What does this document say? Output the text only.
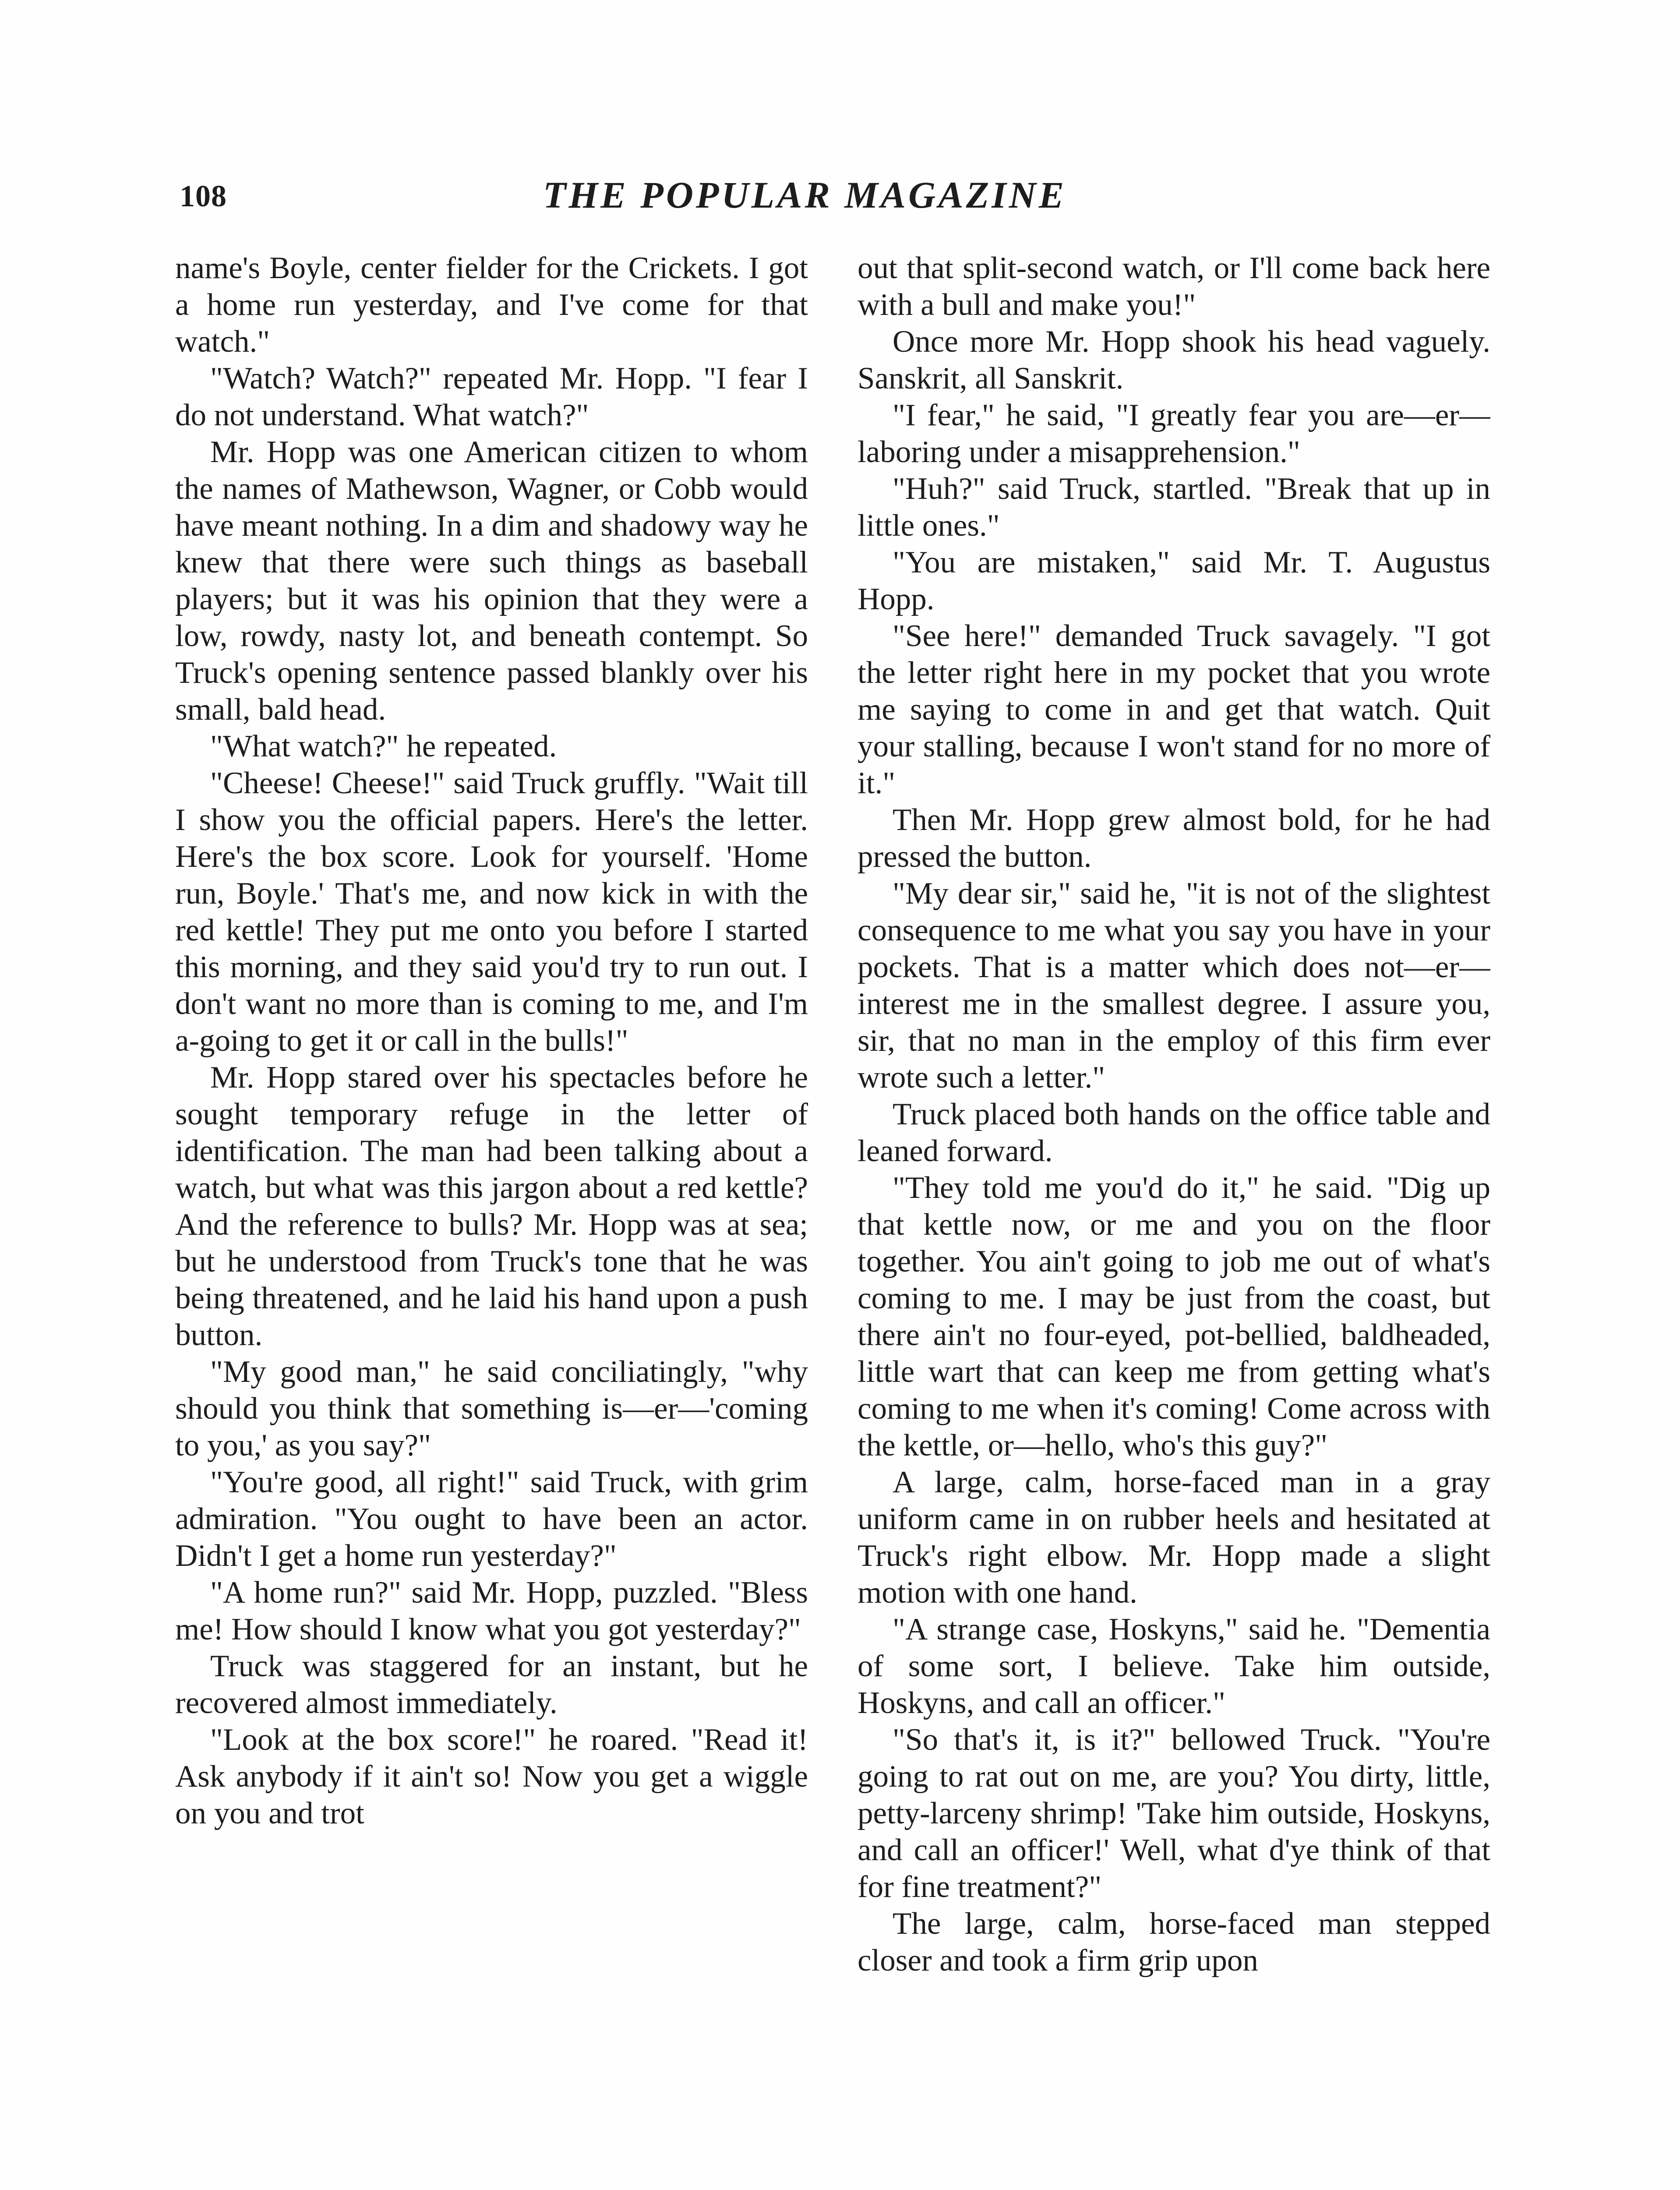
108	THE POPULAR MAGAZINE

name's Boyle, center fielder for the Crickets. I got a home run yesterday, and I've come for that watch."

"Watch? Watch?" repeated Mr. Hopp. "I fear I do not understand. What watch?"

Mr. Hopp was one American citizen to whom the names of Mathewson, Wagner, or Cobb would have meant nothing. In a dim and shadowy way he knew that there were such things as baseball players; but it was his opinion that they were a low, rowdy, nasty lot, and beneath contempt. So Truck's opening sentence passed blankly over his small, bald head.

"What watch?" he repeated.

"Cheese! Cheese!" said Truck gruffly. "Wait till I show you the official papers. Here's the letter. Here's the box score. Look for yourself. 'Home run, Boyle.' That's me, and now kick in with the red kettle! They put me onto you before I started this morning, and they said you'd try to run out. I don't want no more than is coming to me, and I'm a-going to get it or call in the bulls!"

Mr. Hopp stared over his spectacles before he sought temporary refuge in the letter of identification. The man had been talking about a watch, but what was this jargon about a red kettle? And the reference to bulls? Mr. Hopp was at sea; but he understood from Truck's tone that he was being threatened, and he laid his hand upon a push button.

"My good man," he said conciliatingly, "why should you think that something is—er—'coming to you,' as you say?"

"You're good, all right!" said Truck, with grim admiration. "You ought to have been an actor. Didn't I get a home run yesterday?"

"A home run?" said Mr. Hopp, puzzled. "Bless me! How should I know what you got yesterday?"

Truck was staggered for an instant, but he recovered almost immediately.

"Look at the box score!" he roared. "Read it! Ask anybody if it ain't so! Now you get a wiggle on you and trot

out that split-second watch, or I'll come back here with a bull and make you!"

Once more Mr. Hopp shook his head vaguely. Sanskrit, all Sanskrit.

"I fear," he said, "I greatly fear you are—er—laboring under a misapprehension."

"Huh?" said Truck, startled. "Break that up in little ones."

"You are mistaken," said Mr. T. Augustus Hopp.

"See here!" demanded Truck savagely. "I got the letter right here in my pocket that you wrote me saying to come in and get that watch. Quit your stalling, because I won't stand for no more of it."

Then Mr. Hopp grew almost bold, for he had pressed the button.

"My dear sir," said he, "it is not of the slightest consequence to me what you say you have in your pockets. That is a matter which does not—er—interest me in the smallest degree. I assure you, sir, that no man in the employ of this firm ever wrote such a letter."

Truck placed both hands on the office table and leaned forward.

"They told me you'd do it," he said. "Dig up that kettle now, or me and you on the floor together. You ain't going to job me out of what's coming to me. I may be just from the coast, but there ain't no four-eyed, pot-bellied, baldheaded, little wart that can keep me from getting what's coming to me when it's coming! Come across with the kettle, or—hello, who's this guy?"

A large, calm, horse-faced man in a gray uniform came in on rubber heels and hesitated at Truck's right elbow. Mr. Hopp made a slight motion with one hand.

"A strange case, Hoskyns," said he. "Dementia of some sort, I believe. Take him outside, Hoskyns, and call an officer."

"So that's it, is it?" bellowed Truck. "You're going to rat out on me, are you? You dirty, little, petty-larceny shrimp! 'Take him outside, Hoskyns, and call an officer!' Well, what d'ye think of that for fine treatment?"

The large, calm, horse-faced man stepped closer and took a firm grip upon
